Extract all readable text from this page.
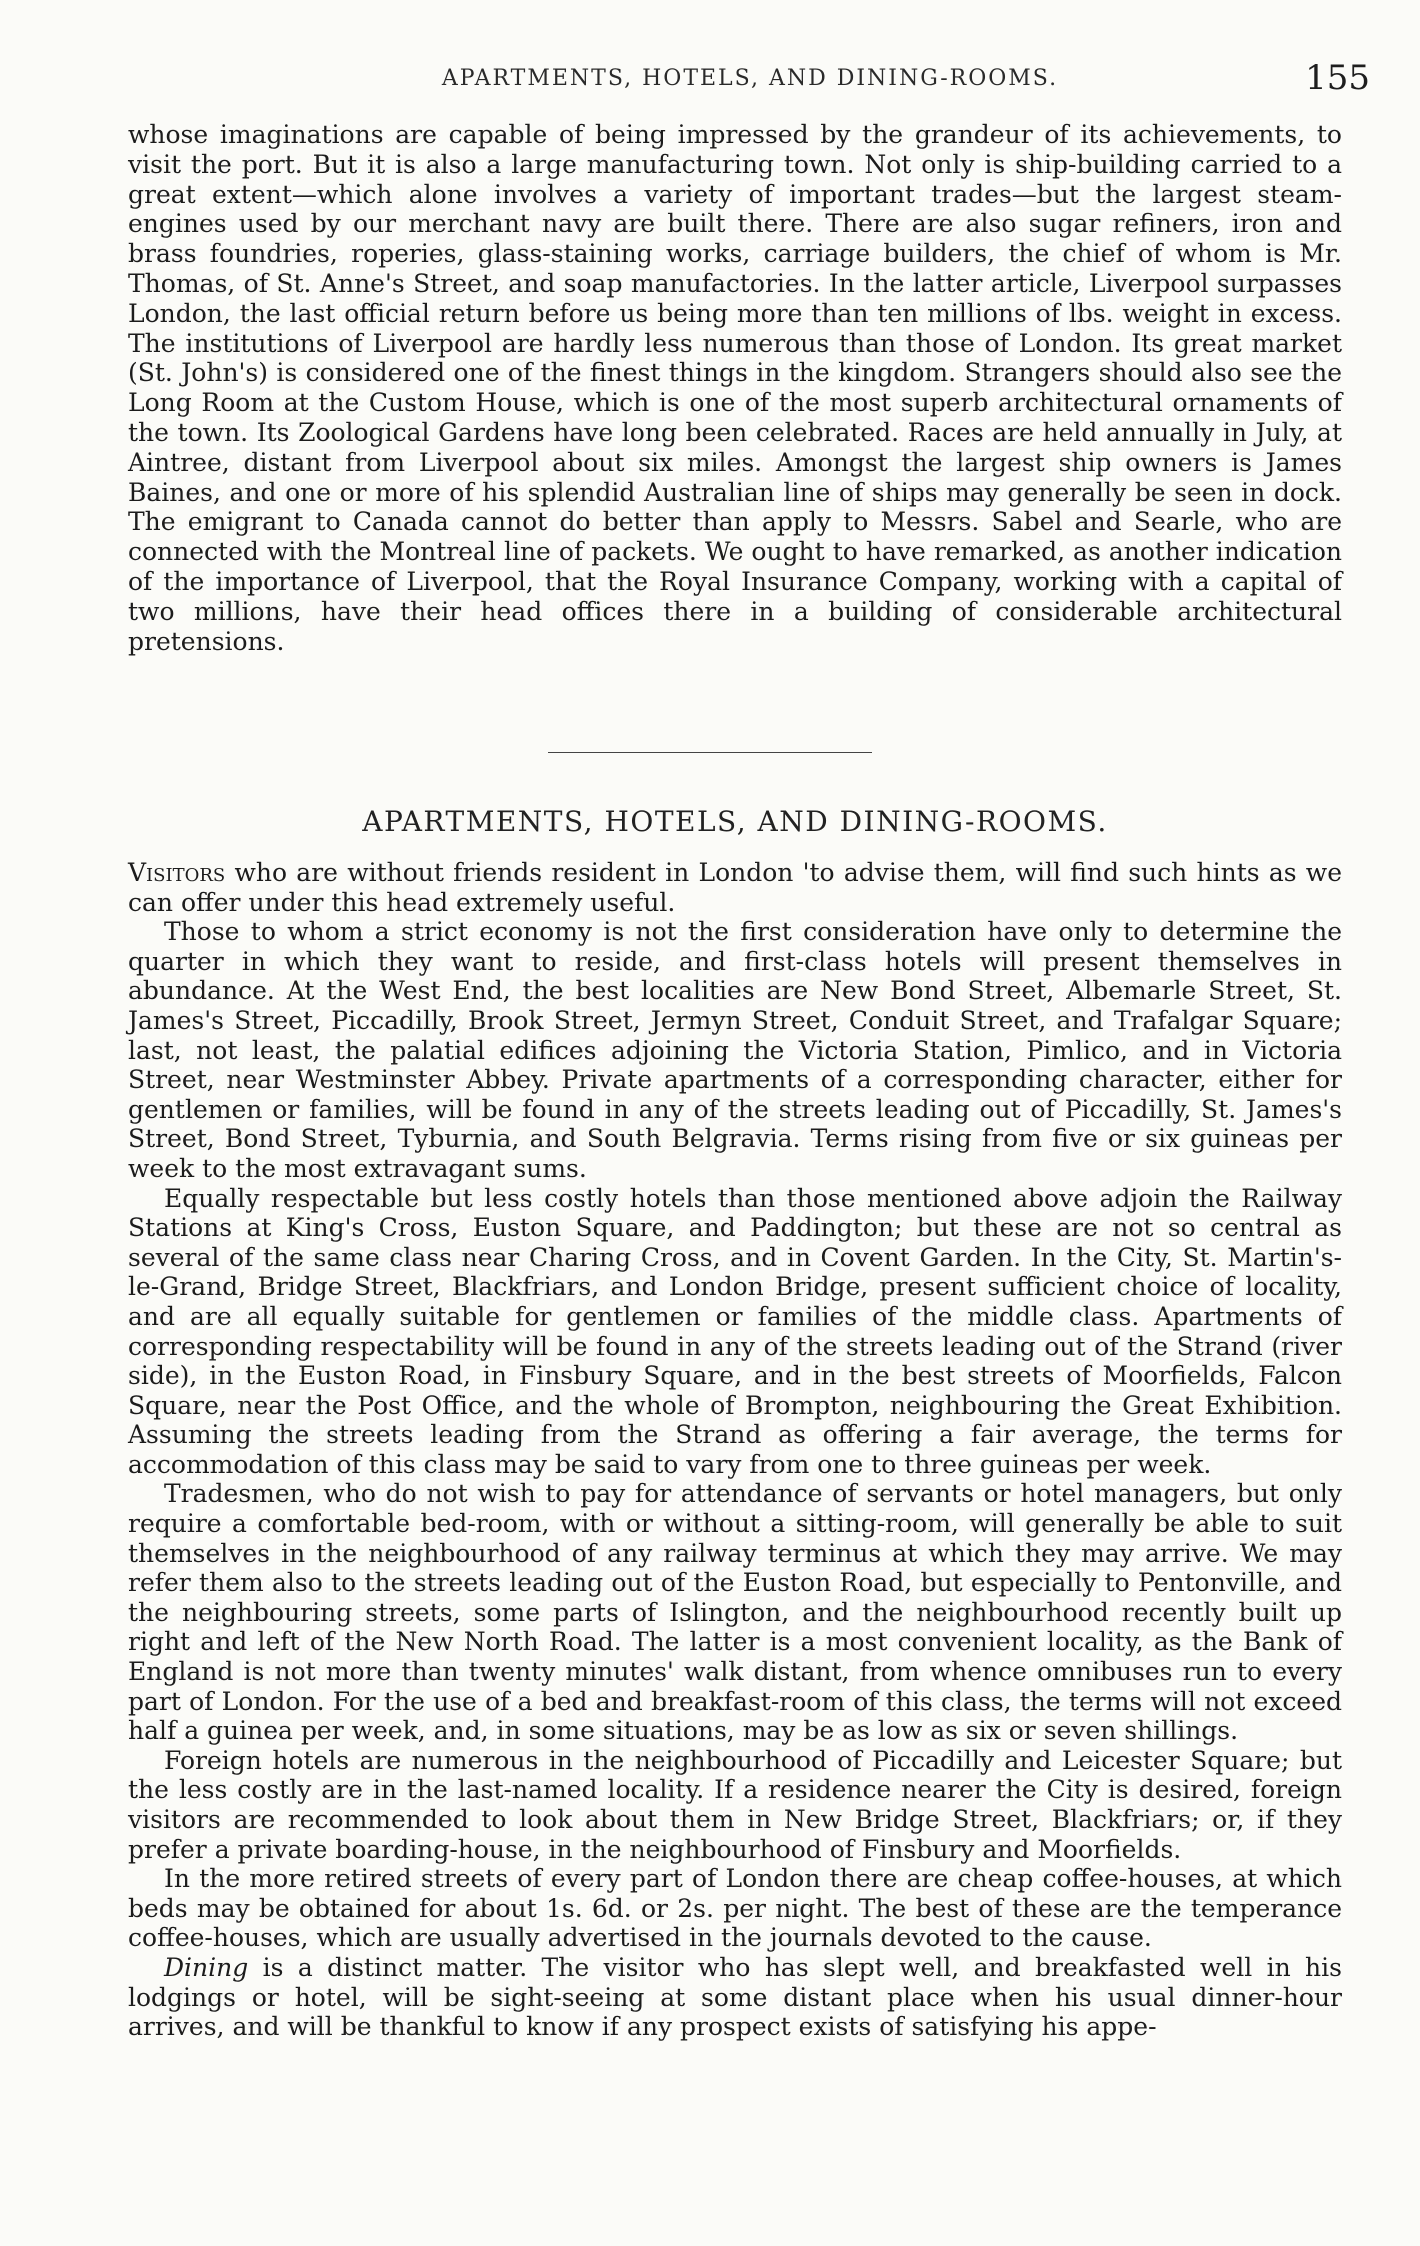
APARTMENTS, HOTELS, AND DINING-ROOMS.	155

whose imaginations are capable of being impressed by the grandeur of its achievements, to visit the port. But it is also a large manufacturing town. Not only is ship-building carried to a great extent—which alone involves a variety of important trades—but the largest steam-engines used by our merchant navy are built there. There are also sugar refiners, iron and brass foundries, roperies, glass-staining works, carriage builders, the chief of whom is Mr. Thomas, of St. Anne's Street, and soap manufactories. In the latter article, Liverpool surpasses London, the last official return before us being more than ten millions of lbs. weight in excess. The institutions of Liverpool are hardly less numerous than those of London. Its great market (St. John's) is considered one of the finest things in the kingdom. Strangers should also see the Long Room at the Custom House, which is one of the most superb architectural ornaments of the town. Its Zoological Gardens have long been celebrated. Races are held annually in July, at Aintree, distant from Liverpool about six miles. Amongst the largest ship owners is James Baines, and one or more of his splendid Australian line of ships may generally be seen in dock. The emigrant to Canada cannot do better than apply to Messrs. Sabel and Searle, who are connected with the Montreal line of packets. We ought to have remarked, as another indication of the importance of Liverpool, that the Royal Insurance Company, working with a capital of two millions, have their head offices there in a building of considerable architectural pretensions.

APARTMENTS, HOTELS, AND DINING-ROOMS.

Visitors who are without friends resident in London 'to advise them, will find such hints as we can offer under this head extremely useful.

Those to whom a strict economy is not the first consideration have only to determine the quarter in which they want to reside, and first-class hotels will present themselves in abundance. At the West End, the best localities are New Bond Street, Albemarle Street, St. James's Street, Piccadilly, Brook Street, Jermyn Street, Conduit Street, and Trafalgar Square; last, not least, the palatial edifices adjoining the Victoria Station, Pimlico, and in Victoria Street, near Westminster Abbey. Private apartments of a corresponding character, either for gentlemen or families, will be found in any of the streets leading out of Piccadilly, St. James's Street, Bond Street, Tyburnia, and South Belgravia. Terms rising from five or six guineas per week to the most extravagant sums.

Equally respectable but less costly hotels than those mentioned above adjoin the Railway Stations at King's Cross, Euston Square, and Paddington; but these are not so central as several of the same class near Charing Cross, and in Covent Garden. In the City, St. Martin's-le-Grand, Bridge Street, Blackfriars, and London Bridge, present sufficient choice of locality, and are all equally suitable for gentlemen or families of the middle class. Apartments of corresponding respectability will be found in any of the streets leading out of the Strand (river side), in the Euston Road, in Finsbury Square, and in the best streets of Moorfields, Falcon Square, near the Post Office, and the whole of Brompton, neighbouring the Great Exhibition. Assuming the streets leading from the Strand as offering a fair average, the terms for accommodation of this class may be said to vary from one to three guineas per week.

Tradesmen, who do not wish to pay for attendance of servants or hotel managers, but only require a comfortable bed-room, with or without a sitting-room, will generally be able to suit themselves in the neighbourhood of any railway terminus at which they may arrive. We may refer them also to the streets leading out of the Euston Road, but especially to Pentonville, and the neighbouring streets, some parts of Islington, and the neighbourhood recently built up right and left of the New North Road. The latter is a most convenient locality, as the Bank of England is not more than twenty minutes' walk distant, from whence omnibuses run to every part of London. For the use of a bed and breakfast-room of this class, the terms will not exceed half a guinea per week, and, in some situations, may be as low as six or seven shillings.

Foreign hotels are numerous in the neighbourhood of Piccadilly and Leicester Square; but the less costly are in the last-named locality. If a residence nearer the City is desired, foreign visitors are recommended to look about them in New Bridge Street, Blackfriars; or, if they prefer a private boarding-house, in the neighbourhood of Finsbury and Moorfields.

In the more retired streets of every part of London there are cheap coffee-houses, at which beds may be obtained for about 1s. 6d. or 2s. per night. The best of these are the temperance coffee-houses, which are usually advertised in the journals devoted to the cause.

Dining is a distinct matter. The visitor who has slept well, and breakfasted well in his lodgings or hotel, will be sight-seeing at some distant place when his usual dinner-hour arrives, and will be thankful to know if any prospect exists of satisfying his appe-
